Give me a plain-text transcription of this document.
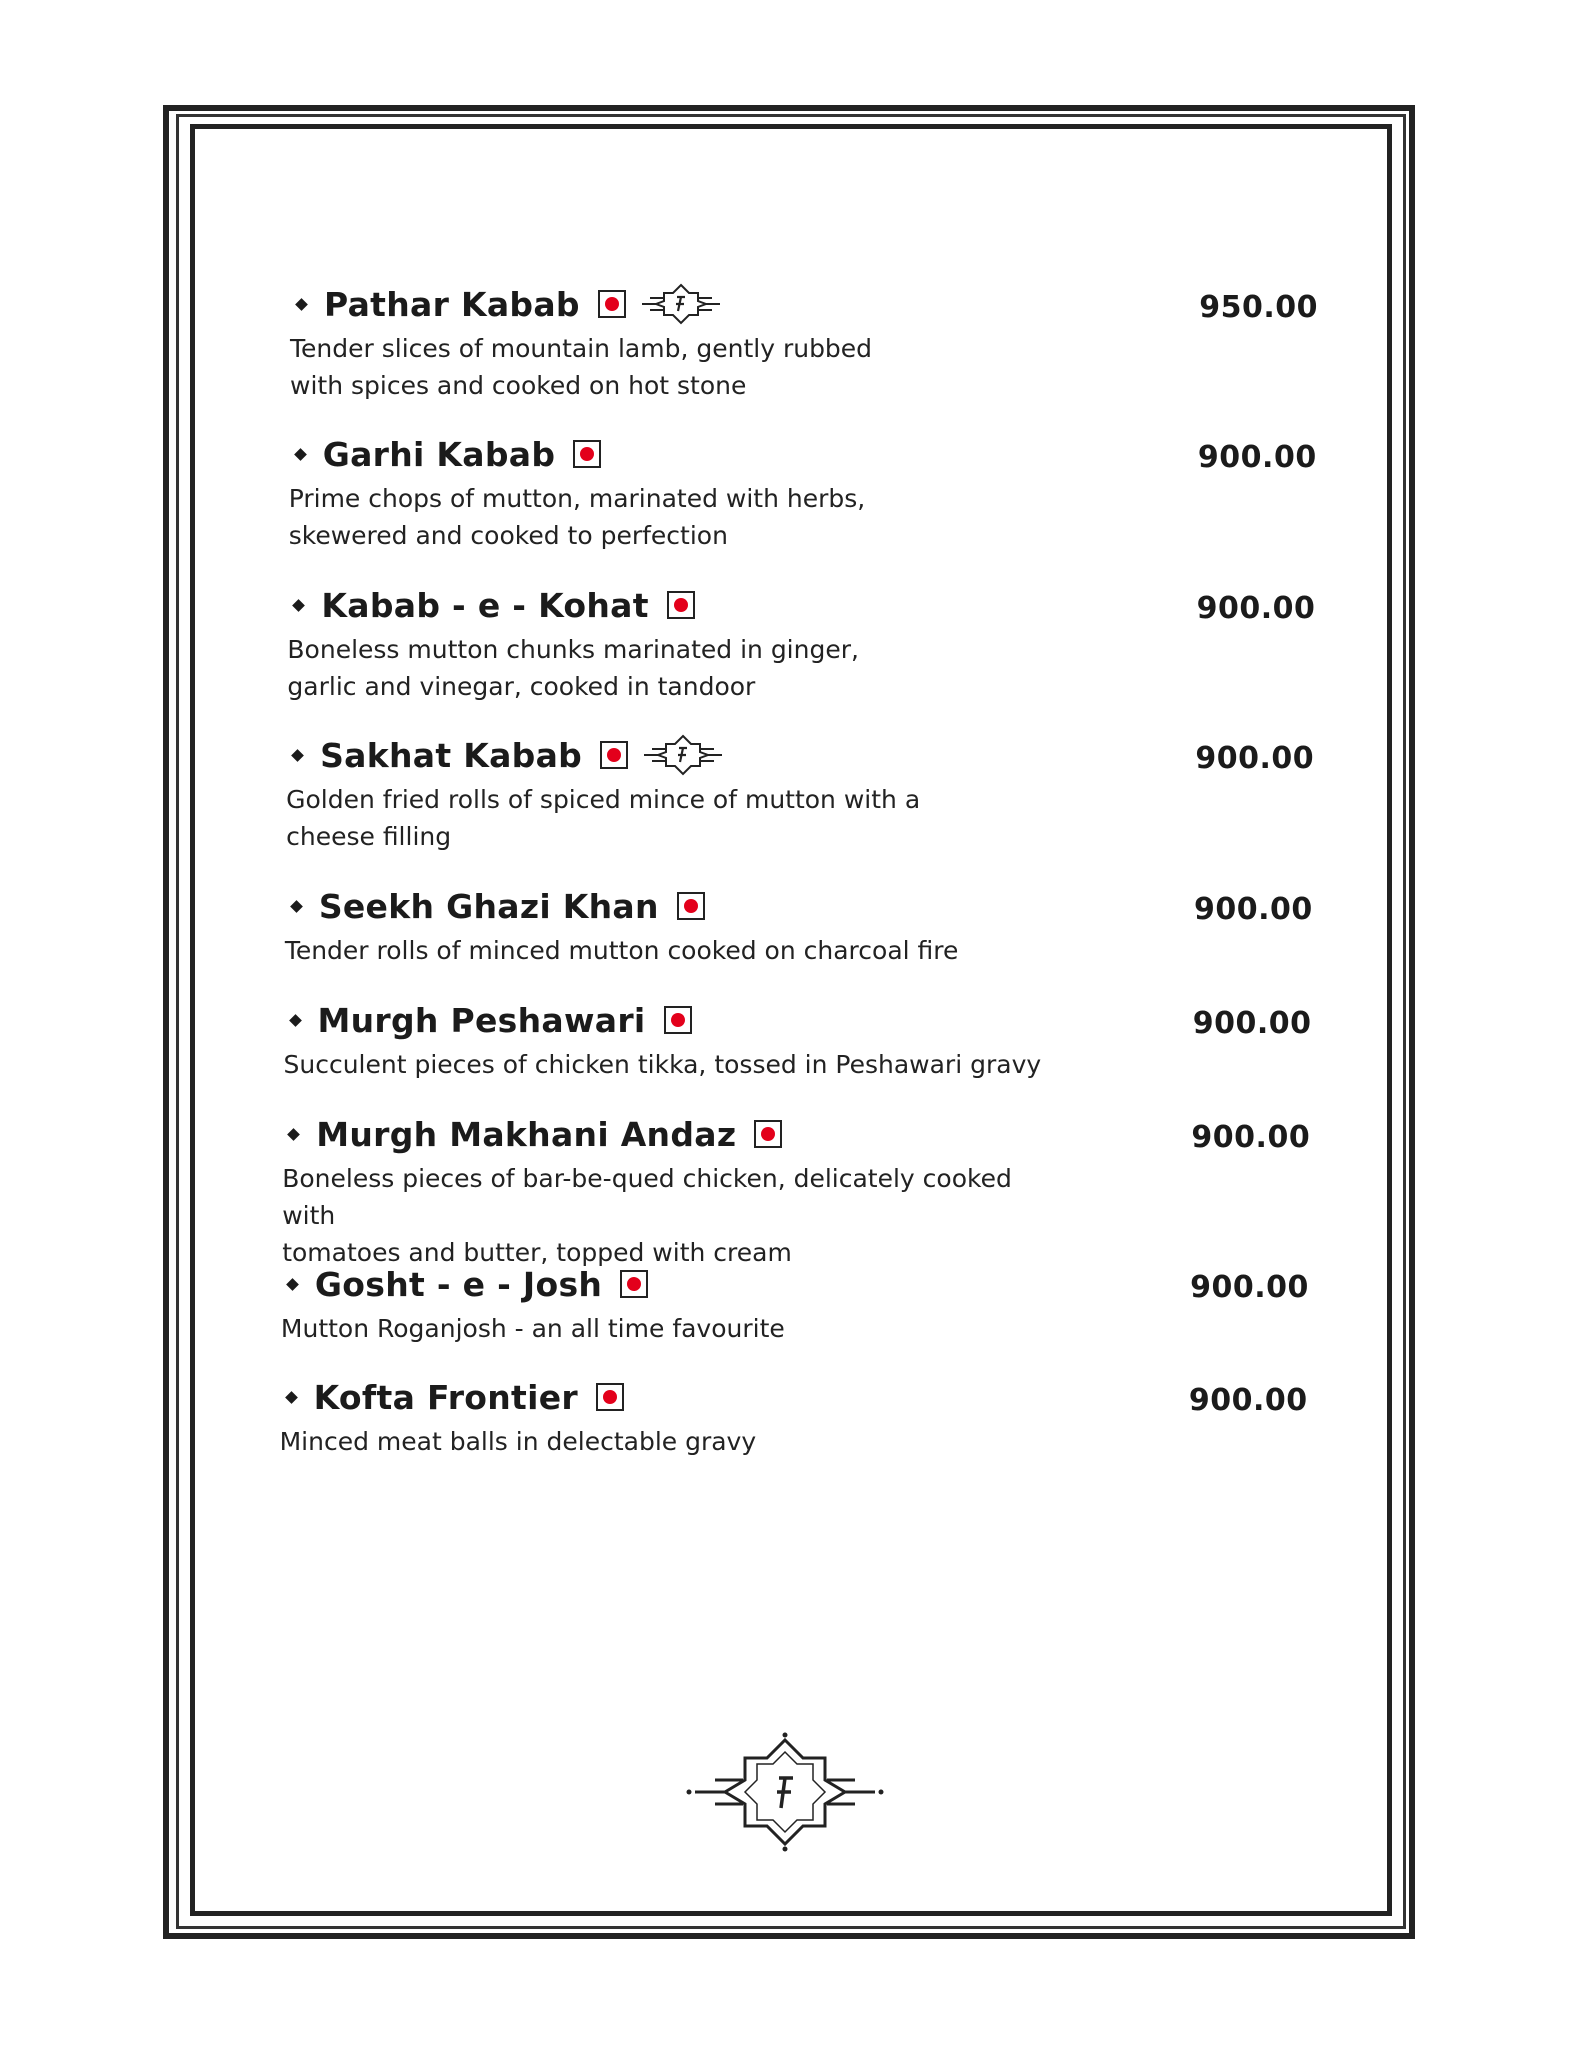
Pathar Kabab	950.00
Tender slices of mountain lamb, gently rubbed
with spices and cooked on hot stone
Garhi Kabab	900.00
Prime chops of mutton, marinated with herbs,
skewered and cooked to perfection
Kabab - e - Kohat	900.00
Boneless mutton chunks marinated in ginger,
garlic and vinegar, cooked in tandoor
Sakhat Kabab	900.00
Golden fried rolls of spiced mince of mutton with a
cheese filling
Seekh Ghazi Khan	900.00
Tender rolls of minced mutton cooked on charcoal fire
Murgh Peshawari	900.00
Succulent pieces of chicken tikka, tossed in Peshawari gravy
Murgh Makhani Andaz	900.00
Boneless pieces of bar-be-qued chicken, delicately cooked with
tomatoes and butter, topped with cream
Gosht - e - Josh	900.00
Mutton Roganjosh - an all time favourite
Kofta Frontier	900.00
Minced meat balls in delectable gravy
